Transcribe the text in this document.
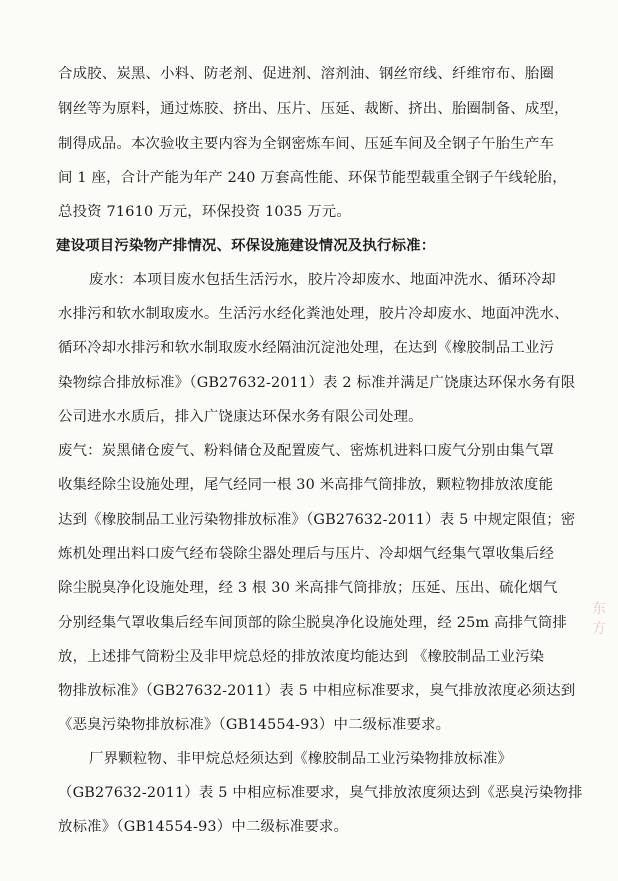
合成胶、炭黑、小料、防老剂、促进剂、溶剂油、钢丝帘线、纤维帘布、胎圈
钢丝等为原料，通过炼胶、挤出、压片、压延、裁断、挤出、胎圈制备、成型，
制得成品。本次验收主要内容为全钢密炼车间、压延车间及全钢子午胎生产车
间 1 座，合计产能为年产 240 万套高性能、环保节能型载重全钢子午线轮胎，
总投资 71610 万元，环保投资 1035 万元。
建设项目污染物产排情况、环保设施建设情况及执行标准：
废水：本项目废水包括生活污水，胶片冷却废水、地面冲洗水、循环冷却
水排污和软水制取废水。生活污水经化粪池处理，胶片冷却废水、地面冲洗水、
循环冷却水排污和软水制取废水经隔油沉淀池处理，在达到《橡胶制品工业污
染物综合排放标准》（GB27632-2011）表 2 标准并满足广饶康达环保水务有限
公司进水水质后，排入广饶康达环保水务有限公司处理。
废气：炭黑储仓废气、粉料储仓及配置废气、密炼机进料口废气分别由集气罩
收集经除尘设施处理，尾气经同一根 30 米高排气筒排放，颗粒物排放浓度能
达到《橡胶制品工业污染物排放标准》（GB27632-2011）表 5 中规定限值；密
炼机处理出料口废气经布袋除尘器处理后与压片、冷却烟气经集气罩收集后经
除尘脱臭净化设施处理，经 3 根 30 米高排气筒排放；压延、压出、硫化烟气
分别经集气罩收集后经车间顶部的除尘脱臭净化设施处理，经 25m 高排气筒排
放，上述排气筒粉尘及非甲烷总烃的排放浓度均能达到 《橡胶制品工业污染
物排放标准》（GB27632-2011）表 5 中相应标准要求，臭气排放浓度必须达到
《恶臭污染物排放标准》（GB14554-93）中二级标准要求。
厂界颗粒物、非甲烷总烃须达到《橡胶制品工业污染物排放标准》
（GB27632-2011）表 5 中相应标准要求，臭气排放浓度须达到《恶臭污染物排
放标准》（GB14554-93）中二级标准要求。
东方
